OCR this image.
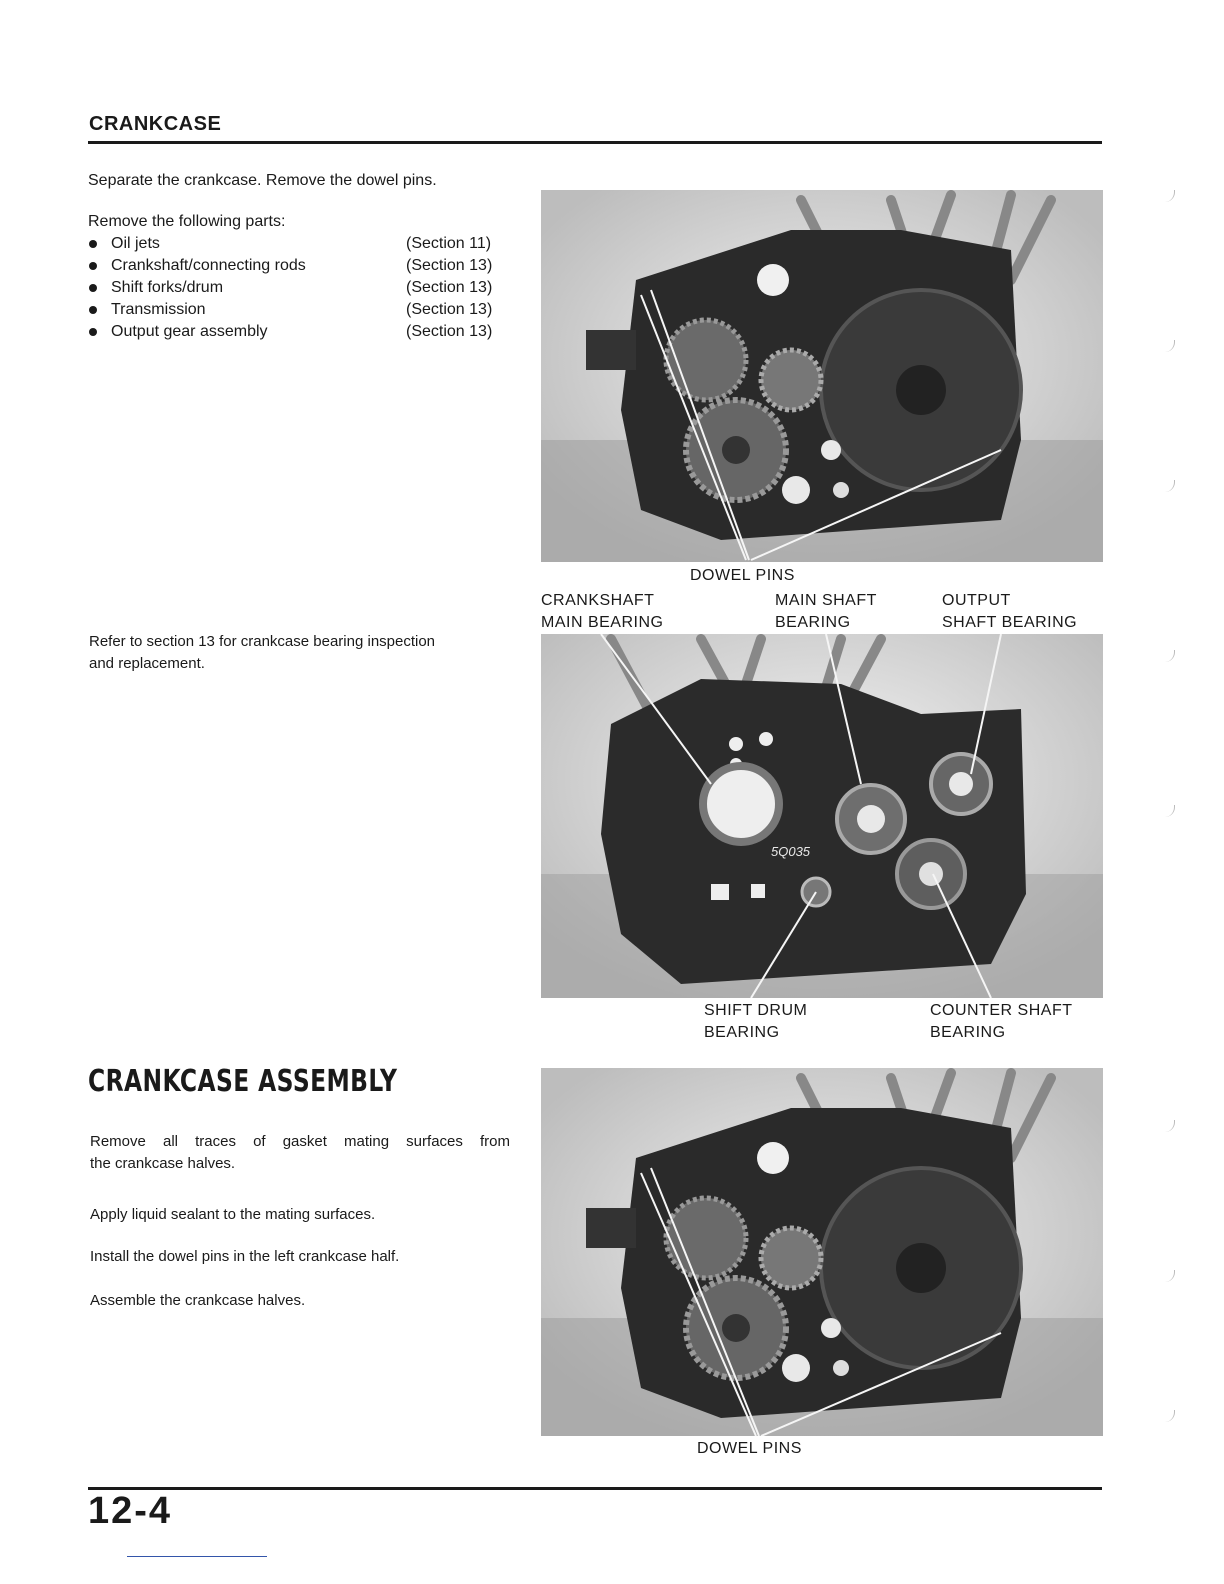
CRANKCASE
Separate the crankcase. Remove the dowel pins.
Remove the following parts:
Oil jets	(Section 11)
Crankshaft/connecting rods	(Section 13)
Shift forks/drum	(Section 13)
Transmission	(Section 13)
Output gear assembly	(Section 13)
Refer to section 13 for crankcase bearing inspection
and replacement.
DOWEL PINS
CRANKSHAFT
MAIN BEARING
MAIN SHAFT
BEARING
OUTPUT
SHAFT BEARING
5Q035
SHIFT DRUM
BEARING
COUNTER SHAFT
BEARING
CRANKCASE ASSEMBLY
Remove all traces of gasket mating surfaces from
the crankcase halves.
Apply liquid sealant to the mating surfaces.
Install the dowel pins in the left crankcase half.
Assemble the crankcase halves.
DOWEL PINS
12-4
